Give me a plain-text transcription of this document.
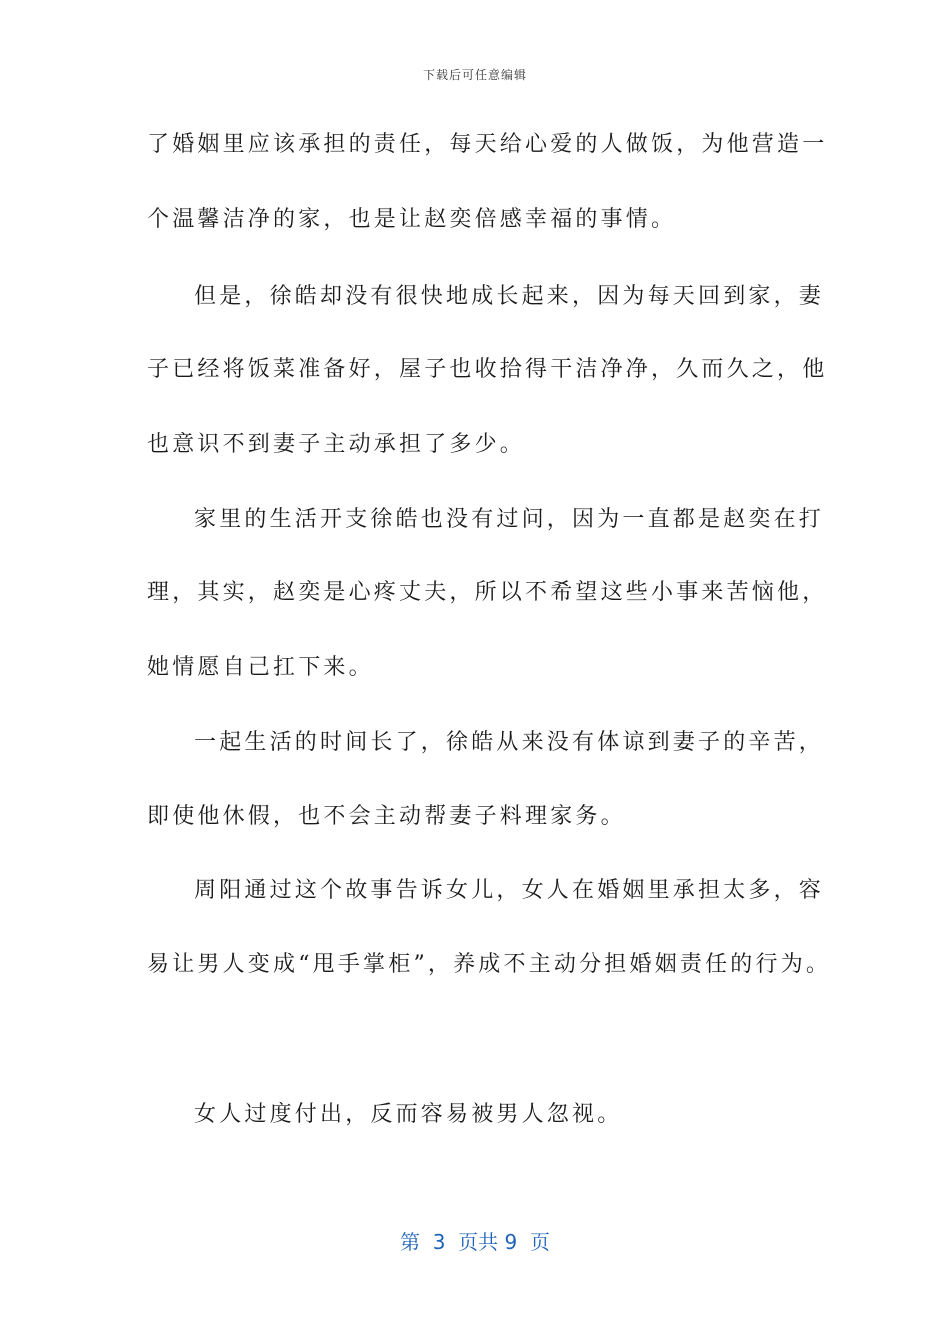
下载后可任意编辑
了婚姻里应该承担的责任，每天给心爱的人做饭，为他营造一
个温馨洁净的家，也是让赵奕倍感幸福的事情。
但是，徐皓却没有很快地成长起来，因为每天回到家，妻
子已经将饭菜准备好，屋子也收拾得干洁净净，久而久之，他
也意识不到妻子主动承担了多少。
家里的生活开支徐皓也没有过问，因为一直都是赵奕在打
理，其实，赵奕是心疼丈夫，所以不希望这些小事来苦恼他，
她情愿自己扛下来。
一起生活的时间长了，徐皓从来没有体谅到妻子的辛苦，
即使他休假，也不会主动帮妻子料理家务。
周阳通过这个故事告诉女儿，女人在婚姻里承担太多，容
易让男人变成“甩手掌柜”，养成不主动分担婚姻责任的行为。
女人过度付出，反而容易被男人忽视。
第  3  页共 9  页
